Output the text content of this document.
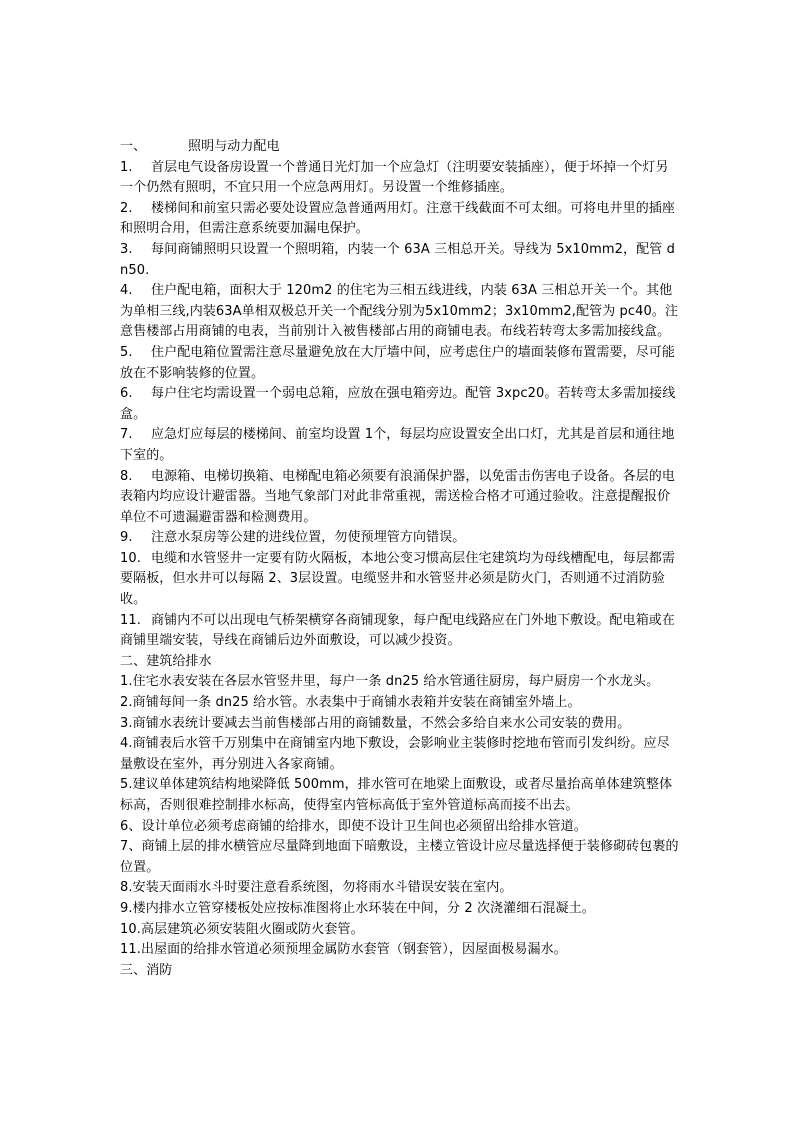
一、	照明与动力配电
1. 首层电气设备房设置一个普通日光灯加一个应急灯（注明要安装插座），便于坏掉一个灯另一个仍然有照明，不宜只用一个应急两用灯。另设置一个维修插座。
2. 楼梯间和前室只需必要处设置应急普通两用灯。注意干线截面不可太细。可将电井里的插座和照明合用，但需注意系统要加漏电保护。
3. 每间商铺照明只设置一个照明箱，内装一个 63A 三相总开关。导线为 5x10mm2，配管 dn50.
4. 住户配电箱，面积大于 120m2 的住宅为三相五线进线，内装 63A 三相总开关一个。其他为单相三线,内装63A单相双极总开关一个配线分别为5x10mm2；3x10mm2,配管为 pc40。注意售楼部占用商铺的电表，当前别计入被售楼部占用的商铺电表。布线若转弯太多需加接线盒。
5. 住户配电箱位置需注意尽量避免放在大厅墙中间，应考虑住户的墙面装修布置需要，尽可能放在不影响装修的位置。
6. 每户住宅均需设置一个弱电总箱，应放在强电箱旁边。配管 3xpc20。若转弯太多需加接线盒。
7. 应急灯应每层的楼梯间、前室均设置 1个，每层均应设置安全出口灯，尤其是首层和通往地下室的。
8. 电源箱、电梯切换箱、电梯配电箱必须要有浪涌保护器，以免雷击伤害电子设备。各层的电表箱内均应设计避雷器。当地气象部门对此非常重视，需送检合格才可通过验收。注意提醒报价单位不可遗漏避雷器和检测费用。
9. 注意水泵房等公建的进线位置，勿使预埋管方向错误。
10. 电缆和水管竖井一定要有防火隔板，本地公变习惯高层住宅建筑均为母线槽配电，每层都需要隔板，但水井可以每隔 2、3层设置。电缆竖井和水管竖井必须是防火门，否则通不过消防验收。
11. 商铺内不可以出现电气桥架横穿各商铺现象，每户配电线路应在门外地下敷设。配电箱或在商铺里端安装，导线在商铺后边外面敷设，可以减少投资。
二、建筑给排水
1.住宅水表安装在各层水管竖井里，每户一条 dn25 给水管通往厨房，每户厨房一个水龙头。
2.商铺每间一条 dn25 给水管。水表集中于商铺水表箱并安装在商铺室外墙上。
3.商铺水表统计要减去当前售楼部占用的商铺数量，不然会多给自来水公司安装的费用。
4.商铺表后水管千万别集中在商铺室内地下敷设，会影响业主装修时挖地布管而引发纠纷。应尽量敷设在室外，再分别进入各家商铺。
5.建议单体建筑结构地梁降低 500mm，排水管可在地梁上面敷设，或者尽量抬高单体建筑整体标高，否则很难控制排水标高，使得室内管标高低于室外管道标高而接不出去。
6、设计单位必须考虑商铺的给排水，即使不设计卫生间也必须留出给排水管道。
7、商铺上层的排水横管应尽量降到地面下暗敷设，主楼立管设计应尽量选择便于装修砌砖包裹的位置。
8.安装天面雨水斗时要注意看系统图，勿将雨水斗错误安装在室内。
9.楼内排水立管穿楼板处应按标准图将止水环装在中间，分 2 次浇灌细石混凝土。
10.高层建筑必须安装阻火圈或防火套管。
11.出屋面的给排水管道必须预埋金属防水套管（钢套管），因屋面极易漏水。
三、消防
